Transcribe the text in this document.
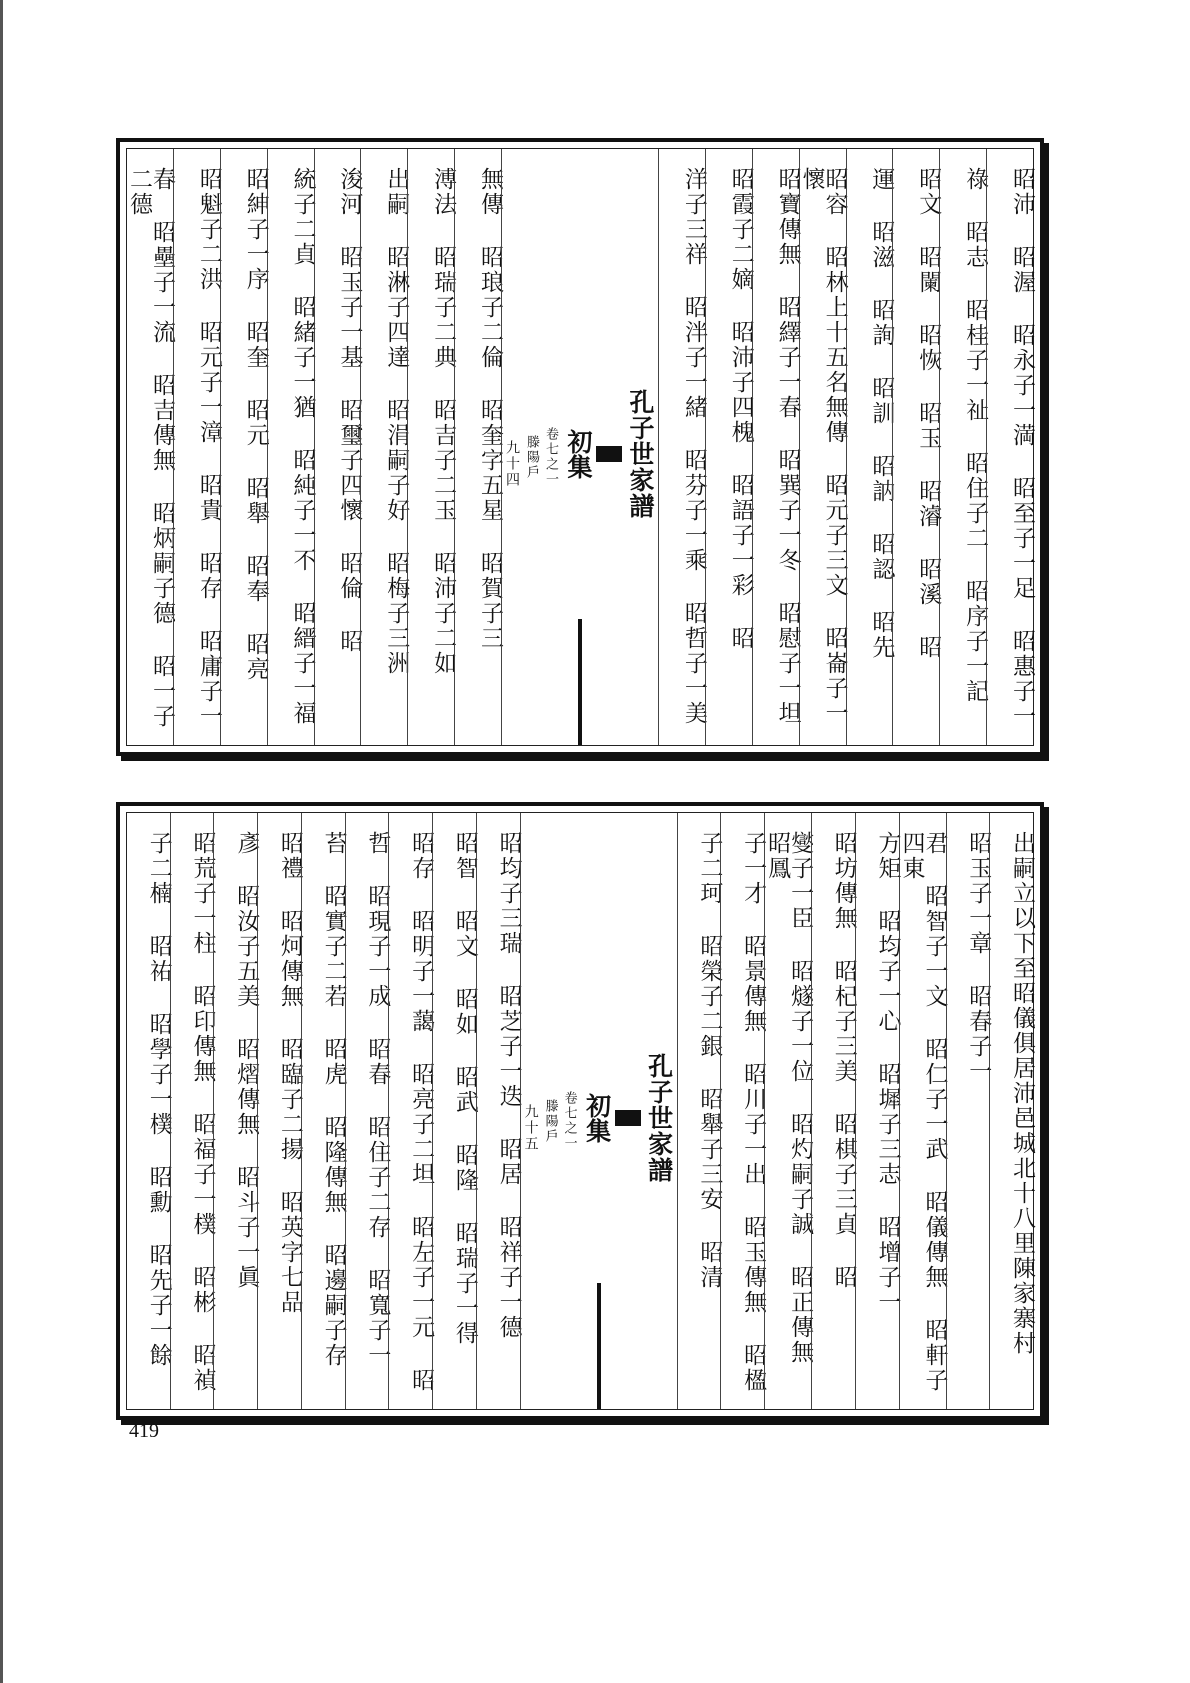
昭沛 昭渥 昭永子一満 昭至子一足 昭惠子一
祿 昭志 昭桂子一祉 昭住子二 昭序子一記
昭文 昭闌 昭恢 昭玉 昭濬 昭溪 昭
運 昭滋 昭詢 昭訓 昭訥 昭認 昭先
昭容 昭林上十五名無傳 昭元子三文 昭崙子一懷
昭寶傳無 昭繹子一春 昭巽子一冬 昭慰子一坦
昭霞子二嫡 昭沛子四槐 昭語子一彩 昭
洋子三祥 昭泮子一緒 昭芬子一乘 昭哲子一美
孔子世家譜
初集
卷七之一
滕陽戶
九十四
無傳 昭琅子二倫 昭奎字五星 昭賀子三
溥法 昭瑞子二典 昭吉子二玉 昭沛子二如
出嗣 昭淋子四達 昭涓嗣子好 昭梅子三洲
浚河 昭玉子一基 昭璽子四懷 昭倫 昭
統子二貞 昭緒子一猶 昭純子一不 昭縉子一福
昭紳子一序 昭奎 昭元 昭舉 昭奉 昭亮
昭魁子二洪 昭元子一漳 昭貴 昭存 昭庸子一
春 昭壘子一流 昭吉傳無 昭炳嗣子德 昭一子二德
出嗣立以下至昭儀俱居沛邑城北十八里陳家寨村
昭玉子一章 昭春子一
君 昭智子一文 昭仁子一武 昭儀傳無 昭軒子四東
方矩 昭均子一心 昭墀子三志 昭增子一
昭坊傳無 昭杞子三美 昭棋子三貞 昭
燮子一臣 昭燧子一位 昭灼嗣子誠 昭正傳無 昭鳳
子一才 昭景傳無 昭川子一出 昭玉傳無 昭楹
子二珂 昭榮子二銀 昭舉子三安 昭清
孔子世家譜
初集
卷七之一
滕陽戶
九十五
昭均子三瑞 昭芝子一迭 昭居 昭祥子一德
昭智 昭文 昭如 昭武 昭隆 昭瑞子一得
昭存 昭明子一藹 昭亮子二坦 昭左子一元 昭
哲 昭現子一成 昭春 昭住子二存 昭寬子一
苔 昭實子二若 昭虎 昭隆傳無 昭邊嗣子存
昭禮 昭炣傳無 昭臨子二揚 昭英字七品
彥 昭汝子五美 昭熠傳無 昭斗子一眞
昭荒子一柱 昭印傳無 昭福子一樸 昭彬 昭禎
子二楠 昭祐 昭學子一樸 昭勳 昭先子一餘
419
